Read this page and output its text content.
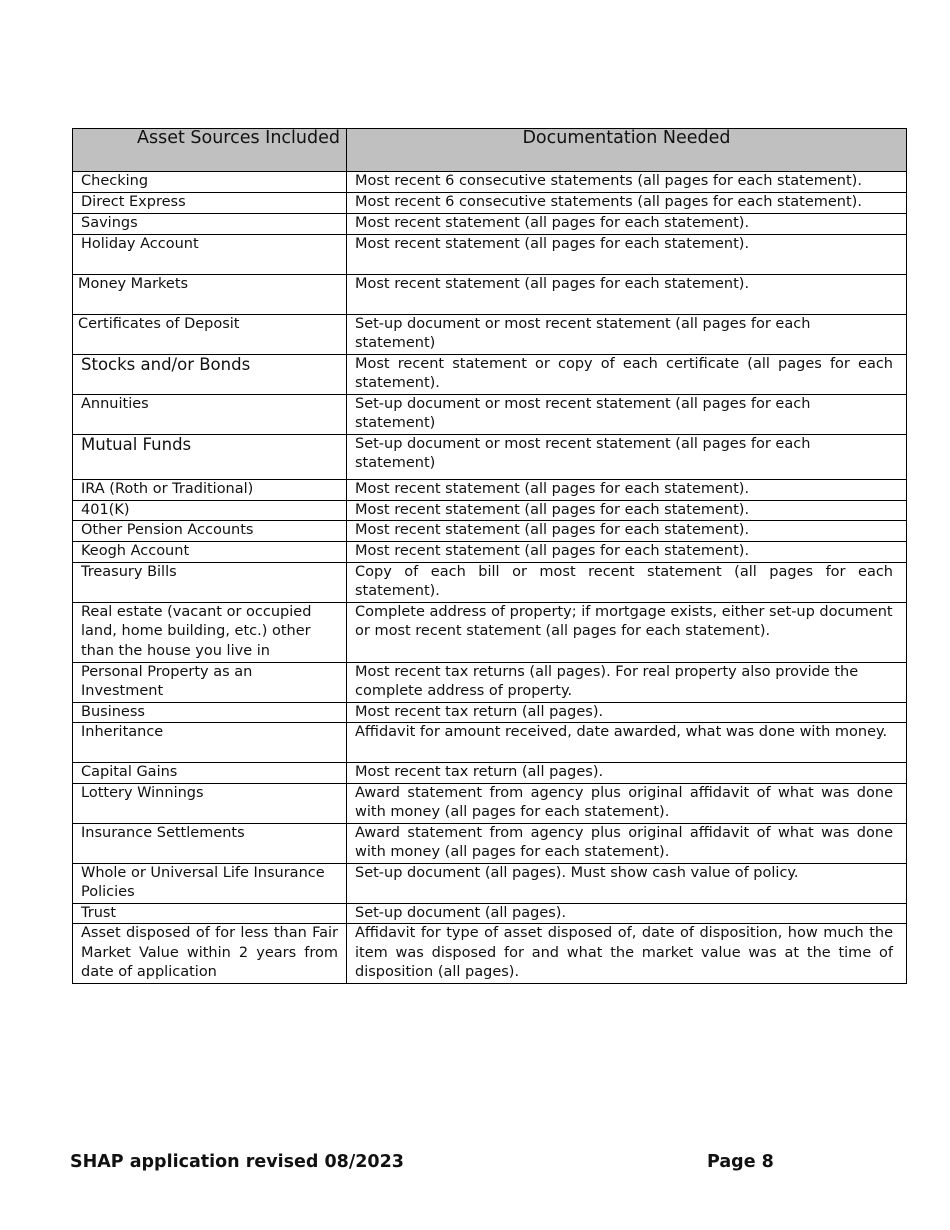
Asset Sources Included	Documentation Needed
Checking	Most recent 6 consecutive statements (all pages for each statement).
Direct Express	Most recent 6 consecutive statements (all pages for each statement).
Savings	Most recent statement (all pages for each statement).
Holiday Account	Most recent statement (all pages for each statement).
Money Markets	Most recent statement (all pages for each statement).
Certificates of Deposit	Set-up document or most recent statement (all pages for each statement)
Stocks and/or Bonds	Most recent statement or copy of each certificate (all pages for each statement).
Annuities	Set-up document or most recent statement (all pages for each statement)
Mutual Funds	Set-up document or most recent statement (all pages for each statement)
IRA (Roth or Traditional)	Most recent statement (all pages for each statement).
401(K)	Most recent statement (all pages for each statement).
Other Pension Accounts	Most recent statement (all pages for each statement).
Keogh Account	Most recent statement (all pages for each statement).
Treasury Bills	Copy of each bill or most recent statement (all pages for each statement).
Real estate (vacant or occupied land, home building, etc.) other than the house you live in	Complete address of property; if mortgage exists, either set-up document or most recent statement (all pages for each statement).
Personal Property as an Investment	Most recent tax returns (all pages). For real property also provide the complete address of property.
Business	Most recent tax return (all pages).
Inheritance	Affidavit for amount received, date awarded, what was done with money.
Capital Gains	Most recent tax return (all pages).
Lottery Winnings	Award statement from agency plus original affidavit of what was done with money (all pages for each statement).
Insurance Settlements	Award statement from agency plus original affidavit of what was done with money (all pages for each statement).
Whole or Universal Life Insurance Policies	Set-up document (all pages). Must show cash value of policy.
Trust	Set-up document (all pages).
Asset disposed of for less than Fair Market Value within 2 years from date of application	Affidavit for type of asset disposed of, date of disposition, how much the item was disposed for and what the market value was at the time of disposition (all pages).
SHAP application revised 08/2023	Page 8
